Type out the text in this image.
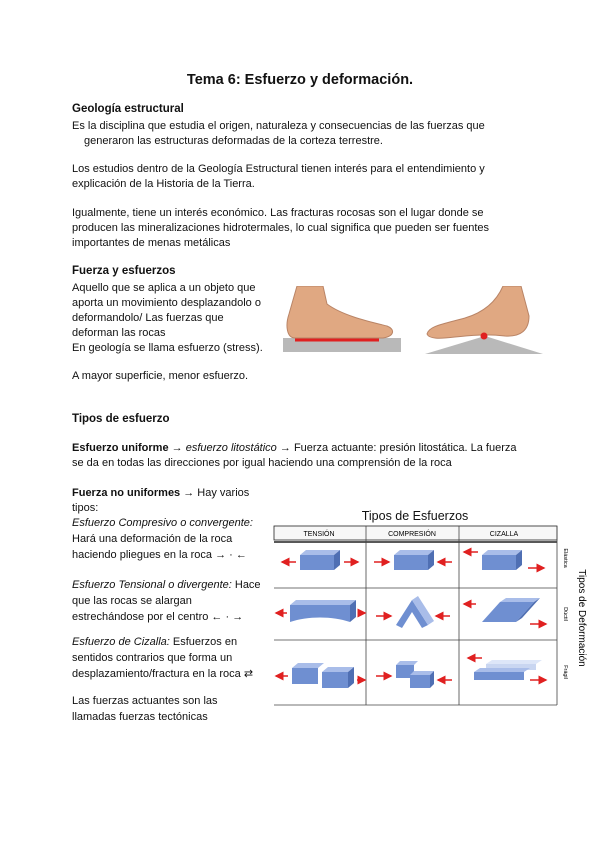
Tema 6: Esfuerzo y deformación.
Geología estructural
Es la disciplina que estudia el origen, naturaleza y consecuencias de las fuerzas que
generaron las estructuras deformadas de la corteza terrestre.
Los estudios dentro de la Geología Estructural tienen interés para el entendimiento y
explicación de la Historia de la Tierra.
Igualmente, tiene un interés económico. Las fracturas rocosas son el lugar donde se
producen las mineralizaciones hidrotermales, lo cual significa que pueden ser fuentes
importantes de menas metálicas
Fuerza y esfuerzos
Aquello que se aplica a un objeto que
aporta un movimiento desplazandolo o
deformandolo/ Las fuerzas que
deforman las rocas
En geología se llama esfuerzo (stress).
A mayor superficie, menor esfuerzo.
Tipos de esfuerzo
Esfuerzo uniforme → esfuerzo litostático → Fuerza actuante: presión litostática. La fuerza
se da en todas las direcciones por igual haciendo una comprensión de la roca
Fuerza no uniformes → Hay varios
tipos:
Esfuerzo Compresivo o convergente:
Hará una deformación de la roca
haciendo pliegues en la roca → · ←
Esfuerzo Tensional o divergente: Hace
que las rocas se alargan
estrechándose por el centro ← · →
Esfuerzo de Cizalla: Esfuerzos en
sentidos contrarios que forma un
desplazamiento/fractura en la roca ⇄
Las fuerzas actuantes son las
llamadas fuerzas tectónicas
Tipos de Esfuerzos
TENSIÓN	COMPRESIÓN	CIZALLA
Elástica
Dúctil
Frágil
Tipos de Deformación
